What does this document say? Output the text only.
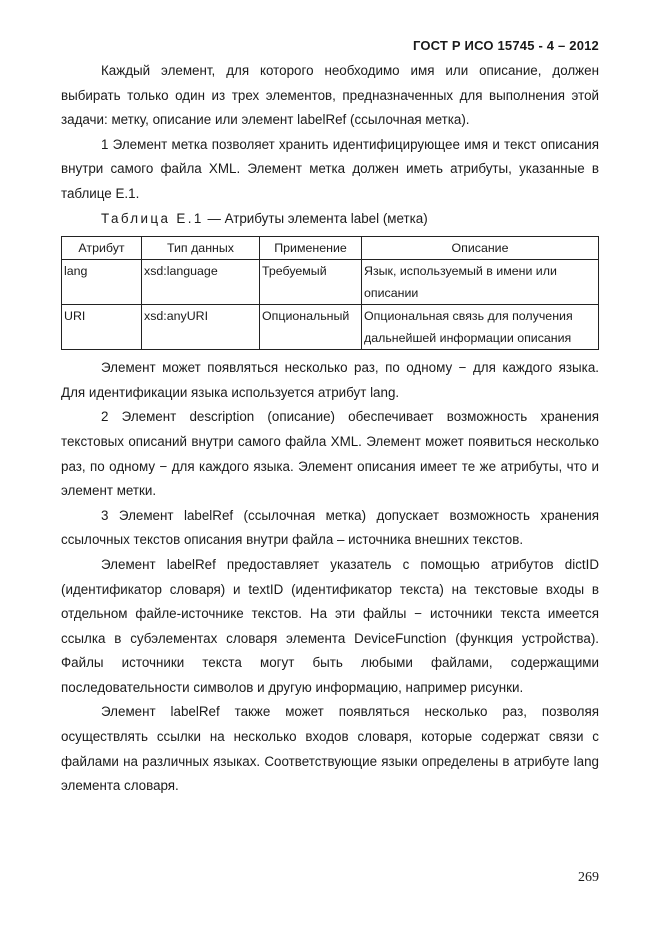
ГОСТ Р ИСО 15745 - 4 – 2012

Каждый элемент, для которого необходимо имя или описание, должен выбирать только один из трех элементов, предназначенных для выполнения этой задачи: метку, описание или элемент labelRef (ссылочная метка).

1 Элемент метка позволяет хранить идентифицирующее имя и текст описания внутри самого файла XML. Элемент метка должен иметь атрибуты, указанные в таблице Е.1.

Таблица Е.1 — Атрибуты элемента label (метка)

Атрибут	Тип данных	Применение	Описание
lang	xsd:language	Требуемый	Язык, используемый в имени или описании
URI	xsd:anyURI	Опциональный	Опциональная связь для получения дальнейшей информации описания

Элемент может появляться несколько раз, по одному − для каждого языка. Для идентификации языка используется атрибут lang.

2 Элемент description (описание) обеспечивает возможность хранения текстовых описаний внутри самого файла XML. Элемент может появиться несколько раз, по одному − для каждого языка. Элемент описания имеет те же атрибуты, что и элемент метки.

3 Элемент labelRef (ссылочная метка) допускает возможность хранения ссылочных текстов описания внутри файла – источника внешних текстов.

Элемент labelRef предоставляет указатель с помощью атрибутов dictID (идентификатор словаря) и textID (идентификатор текста) на текстовые входы в отдельном файле-источнике текстов. На эти файлы − источники текста имеется ссылка в субэлементах словаря элемента DeviceFunction (функция устройства). Файлы источники текста могут быть любыми файлами, содержащими последовательности символов и другую информацию, например рисунки.

Элемент labelRef также может появляться несколько раз, позволяя осуществлять ссылки на несколько входов словаря, которые содержат связи с файлами на различных языках. Соответствующие языки определены в атрибуте lang элемента словаря.

269
